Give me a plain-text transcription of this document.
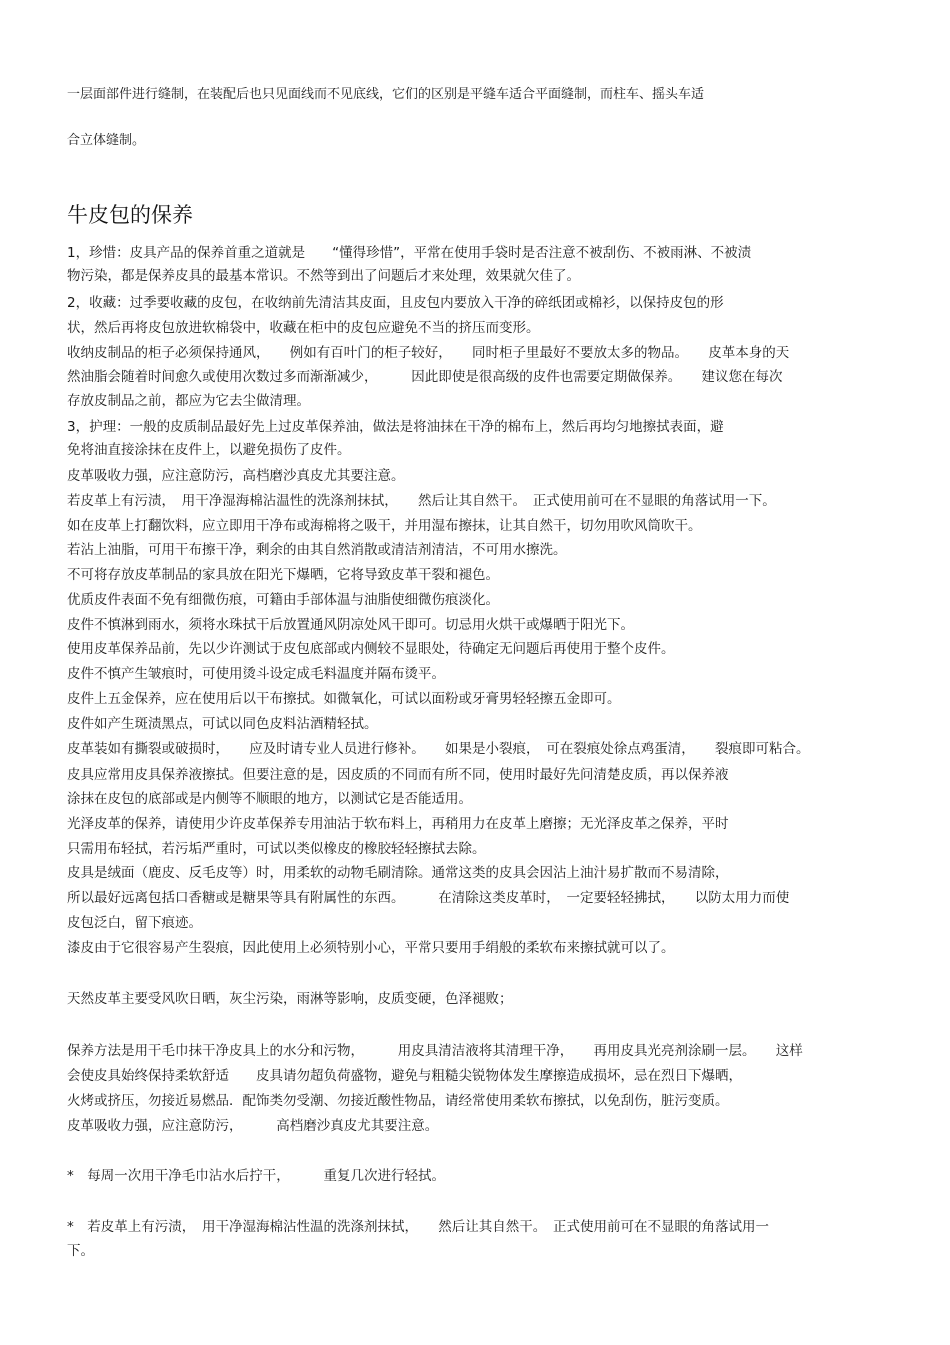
一层面部件进行缝制，在装配后也只见面线而不见底线，它们的区别是平缝车适合平面缝制，而柱车、摇头车适
合立体缝制。
牛皮包的保养
1，珍惜：皮具产品的保养首重之道就是　　“懂得珍惜”，平常在使用手袋时是否注意不被刮伤、不被雨淋、不被渍
物污染，都是保养皮具的最基本常识。不然等到出了问题后才来处理，效果就欠佳了。
2，收藏：过季要收藏的皮包，在收纳前先清洁其皮面，且皮包内要放入干净的碎纸团或棉衫，以保持皮包的形
状，然后再将皮包放进软棉袋中，收藏在柜中的皮包应避免不当的挤压而变形。
收纳皮制品的柜子必须保持通风，　　例如有百叶门的柜子较好，　　同时柜子里最好不要放太多的物品。　　皮革本身的天
然油脂会随着时间愈久或使用次数过多而渐渐减少，　　　因此即使是很高级的皮件也需要定期做保养。　　建议您在每次
存放皮制品之前，都应为它去尘做清理。
3，护理：一般的皮质制品最好先上过皮革保养油，做法是将油抹在干净的棉布上，然后再均匀地擦拭表面，避
免将油直接涂抹在皮件上，以避免损伤了皮件。
皮革吸收力强，应注意防污，高档磨沙真皮尤其要注意。
若皮革上有污渍，　用干净湿海棉沾温性的洗涤剂抹拭，　　然后让其自然干。　正式使用前可在不显眼的角落试用一下。
如在皮革上打翻饮料，应立即用干净布或海棉将之吸干，并用湿布擦抹，让其自然干，切勿用吹风筒吹干。
若沾上油脂，可用干布擦干净，剩余的由其自然消散或清洁剂清洁，不可用水擦洗。
不可将存放皮革制品的家具放在阳光下爆晒，它将导致皮革干裂和褪色。
优质皮件表面不免有细微伤痕，可籍由手部体温与油脂使细微伤痕淡化。
皮件不慎淋到雨水，须将水珠拭干后放置通风阴凉处风干即可。切忌用火烘干或爆晒于阳光下。
使用皮革保养品前，先以少许测试于皮包底部或内侧较不显眼处，待确定无问题后再使用于整个皮件。
皮件不慎产生皱痕时，可使用烫斗设定成毛料温度并隔布烫平。
皮件上五金保养，应在使用后以干布擦拭。如微氧化，可试以面粉或牙膏男轻轻擦五金即可。
皮件如产生斑渍黑点，可试以同色皮料沾酒精轻拭。
皮革装如有撕裂或破损时，　　应及时请专业人员进行修补。　　如果是小裂痕，　可在裂痕处徐点鸡蛋清，　　裂痕即可粘合。
皮具应常用皮具保养液擦拭。但要注意的是，因皮质的不同而有所不同，使用时最好先问清楚皮质，再以保养液
涂抹在皮包的底部或是内侧等不顺眼的地方，以测试它是否能适用。
光泽皮革的保养，请使用少许皮革保养专用油沾于软布料上，再稍用力在皮革上磨擦；无光泽皮革之保养，平时
只需用布轻拭，若污垢严重时，可试以类似橡皮的橡胶轻轻擦拭去除。
皮具是绒面（鹿皮、反毛皮等）时，用柔软的动物毛刷清除。通常这类的皮具会因沾上油汁易扩散而不易清除，
所以最好远离包括口香糖或是糖果等具有附属性的东西。　　　在清除这类皮革时，　一定要轻轻拂拭，　　以防太用力而使
皮包泛白，留下痕迹。
漆皮由于它很容易产生裂痕，因此使用上必须特别小心，平常只要用手绢般的柔软布来擦拭就可以了。
天然皮革主要受风吹日晒，灰尘污染，雨淋等影响，皮质变硬，色泽褪败；
保养方法是用干毛巾抹干净皮具上的水分和污物，　　　用皮具清洁液将其清理干净，　　再用皮具光亮剂涂刷一层。　　这样
会使皮具始终保持柔软舒适　　皮具请勿超负荷盛物，避免与粗糙尖锐物体发生摩擦造成损坏，忌在烈日下爆晒，
火烤或挤压，勿接近易燃品．配饰类勿受潮、勿接近酸性物品，请经常使用柔软布擦拭，以免刮伤，脏污变质。
皮革吸收力强，应注意防污，　　　高档磨沙真皮尤其要注意。
*　每周一次用干净毛巾沾水后拧干，　　　重复几次进行轻拭。
*　若皮革上有污渍，　用干净湿海棉沾性温的洗涤剂抹拭，　　然后让其自然干。　正式使用前可在不显眼的角落试用一
下。
